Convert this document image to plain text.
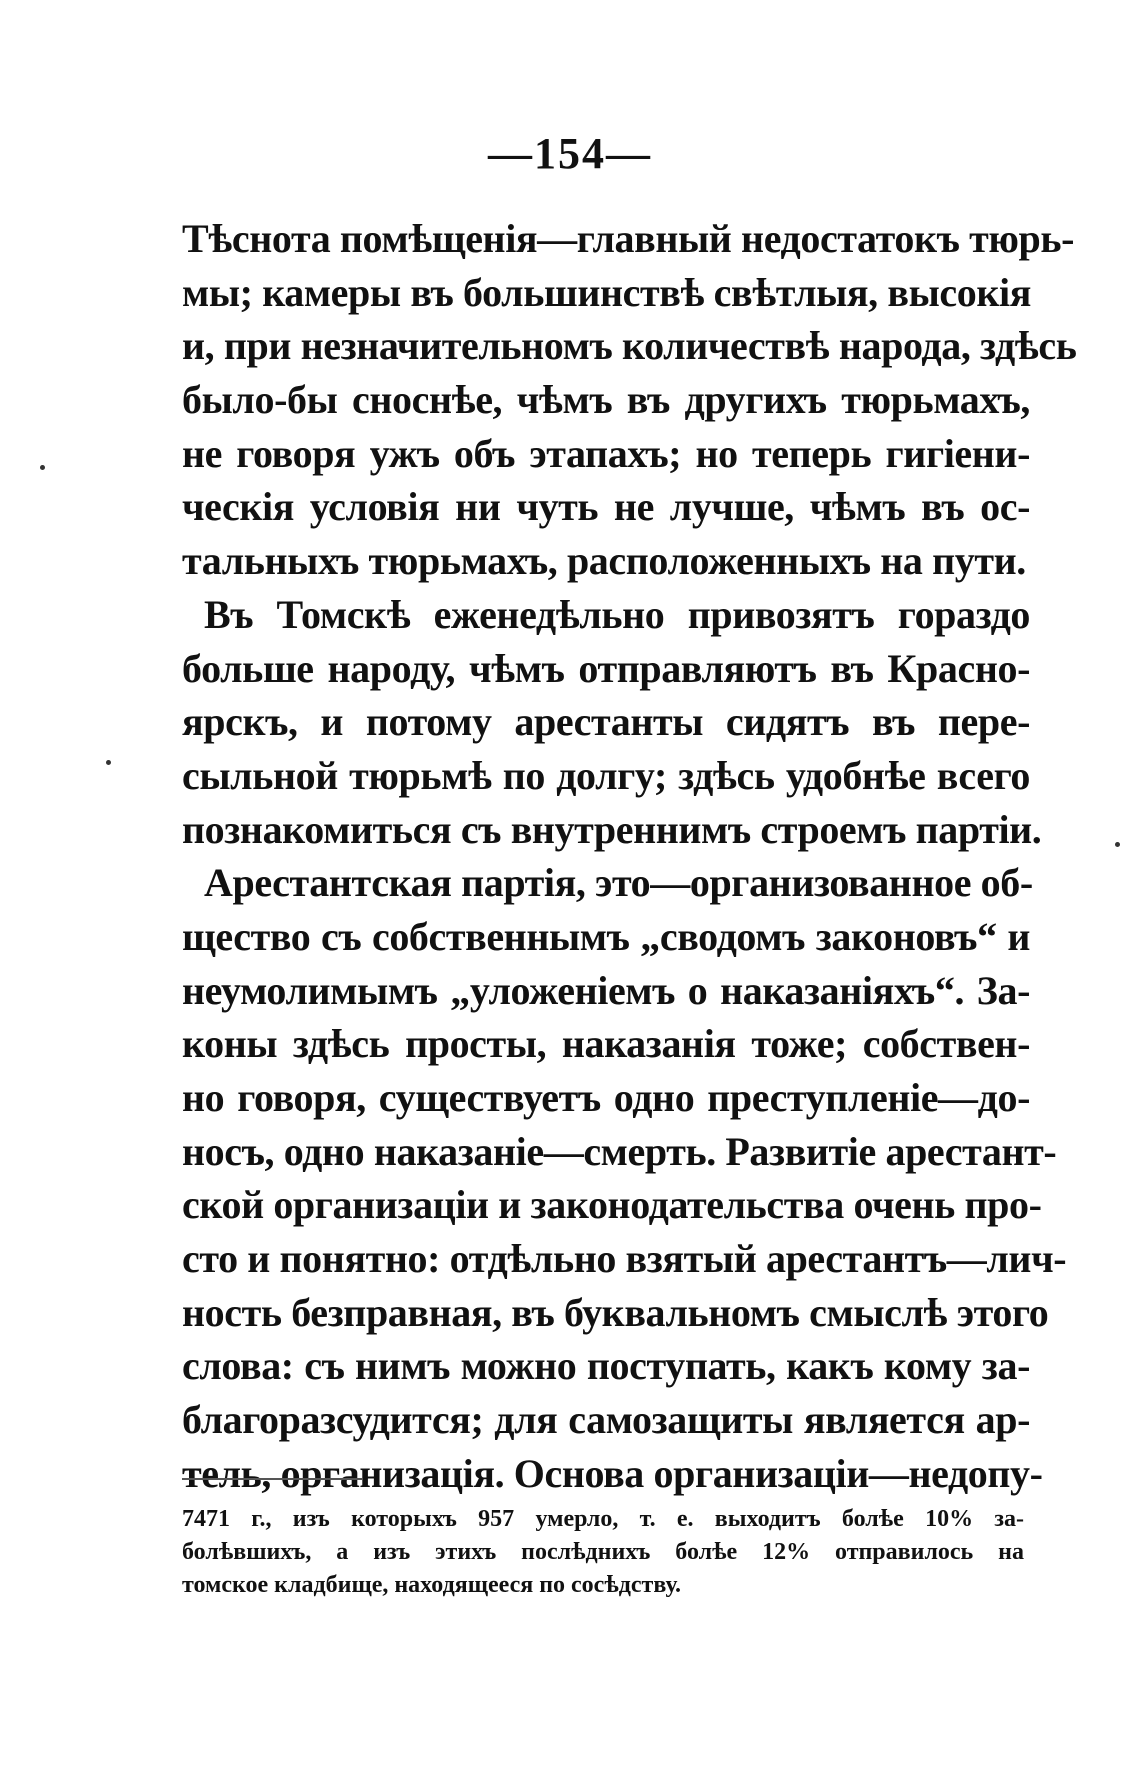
—154—
Тѣснота помѣщенія—главный недостатокъ тюрь-
мы; камеры въ большинствѣ свѣтлыя, высокія
и, при незначительномъ количествѣ народа, здѣсь
было-бы сноснѣе, чѣмъ въ другихъ тюрьмахъ,
не говоря ужъ объ этапахъ; но теперь гигіени-
ческія условія ни чуть не лучше, чѣмъ въ ос-
тальныхъ тюрьмахъ, расположенныхъ на пути.
Въ Томскѣ еженедѣльно привозятъ гораздо
больше народу, чѣмъ отправляютъ въ Красно-
ярскъ, и потому арестанты сидятъ въ пере-
сыльной тюрьмѣ по долгу; здѣсь удобнѣе всего
познакомиться съ внутреннимъ строемъ партіи.
Арестантская партія, это—организованное об-
щество съ собственнымъ „сводомъ законовъ“ и
неумолимымъ „уложеніемъ о наказаніяхъ“. За-
коны здѣсь просты, наказанія тоже; собствен-
но говоря, существуетъ одно преступленіе—до-
носъ, одно наказаніе—смерть. Развитіе арестант-
ской организаціи и законодательства очень про-
сто и понятно: отдѣльно взятый арестантъ—лич-
ность безправная, въ буквальномъ смыслѣ этого
слова: съ нимъ можно поступать, какъ кому за-
благоразсудится; для самозащиты является ар-
тель, организація. Основа организаціи—недопу-
7471 г., изъ которыхъ 957 умерло, т. е. выходитъ болѣе 10% за-
болѣвшихъ, а изъ этихъ послѣднихъ болѣе 12% отправилось на
томское кладбище, находящееся по сосѣдству.
